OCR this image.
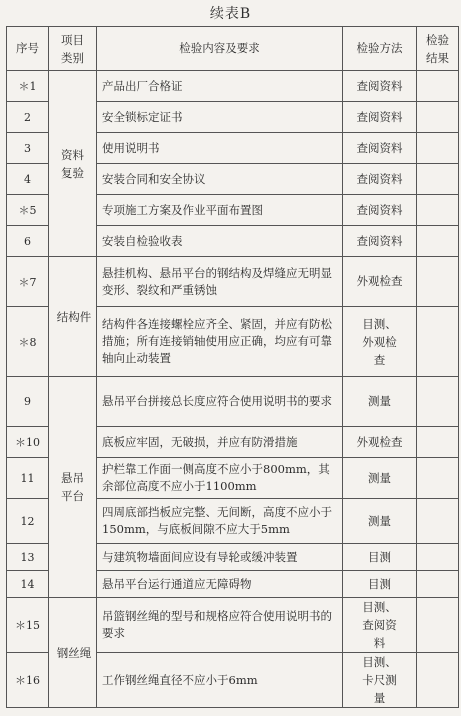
续表B
序号	项目类别	检验内容及要求	检验方法	检验结果
＊1	资料复验	产品出厂合格证	查阅资料	
2		安全锁标定证书	查阅资料	
3		使用说明书	查阅资料	
4		安装合同和安全协议	查阅资料	
＊5		专项施工方案及作业平面布置图	查阅资料	
6		安装自检验收表	查阅资料	
＊7	结构件	悬挂机构、悬吊平台的钢结构及焊缝应无明显变形、裂纹和严重锈蚀	外观检查	
＊8		结构件各连接螺栓应齐全、紧固，并应有防松措施；所有连接销轴使用应正确，均应有可靠轴向止动装置	目测、外观检查	
9	悬吊平台	悬吊平台拼接总长度应符合使用说明书的要求	测量	
＊10		底板应牢固，无破损，并应有防滑措施	外观检查	
11		护栏靠工作面一侧高度不应小于800mm，其余部位高度不应小于1100mm	测量	
12		四周底部挡板应完整、无间断，高度不应小于150mm，与底板间隙不应大于5mm	测量	
13		与建筑物墙面间应设有导轮或缓冲装置	目测	
14		悬吊平台运行通道应无障碍物	目测	
＊15	钢丝绳	吊篮钢丝绳的型号和规格应符合使用说明书的要求	目测、查阅资料	
＊16		工作钢丝绳直径不应小于6mm	目测、卡尺测量	
